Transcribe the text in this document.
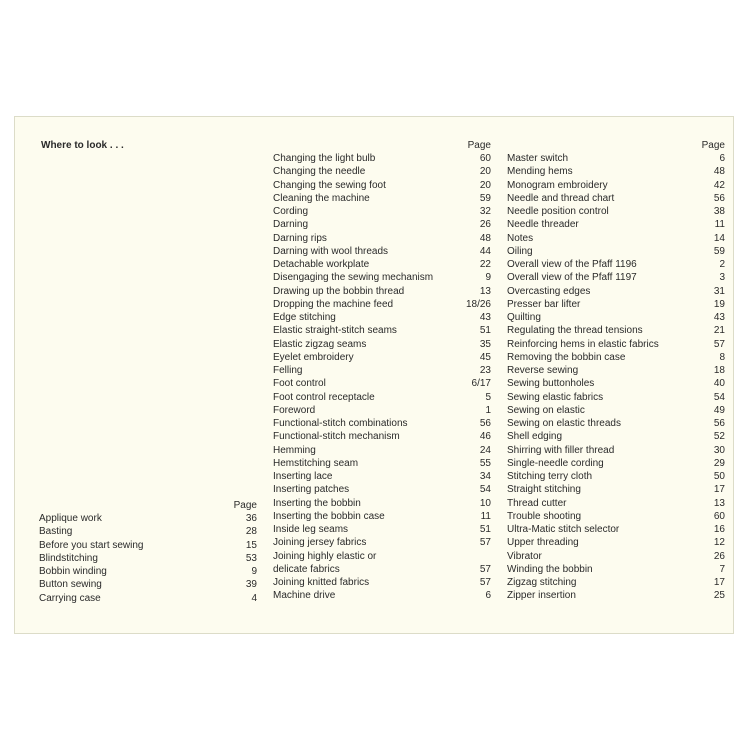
Where to look . . .
Page
Applique work	36
Basting	28
Before you start sewing	15
Blindstitching	53
Bobbin winding	9
Button sewing	39
Carrying case	4
Page
Changing the light bulb	60
Changing the needle	20
Changing the sewing foot	20
Cleaning the machine	59
Cording	32
Darning	26
Darning rips	48
Darning with wool threads	44
Detachable workplate	22
Disengaging the sewing mechanism	9
Drawing up the bobbin thread	13
Dropping the machine feed	18/26
Edge stitching	43
Elastic straight-stitch seams	51
Elastic zigzag seams	35
Eyelet embroidery	45
Felling	23
Foot control	6/17
Foot control receptacle	5
Foreword	1
Functional-stitch combinations	56
Functional-stitch mechanism	46
Hemming	24
Hemstitching seam	55
Inserting lace	34
Inserting patches	54
Inserting the bobbin	10
Inserting the bobbin case	11
Inside leg seams	51
Joining jersey fabrics	57
Joining highly elastic or
delicate fabrics	57
Joining knitted fabrics	57
Machine drive	6
Page
Master switch	6
Mending hems	48
Monogram embroidery	42
Needle and thread chart	56
Needle position control	38
Needle threader	11
Notes	14
Oiling	59
Overall view of the Pfaff 1196	2
Overall view of the Pfaff 1197	3
Overcasting edges	31
Presser bar lifter	19
Quilting	43
Regulating the thread tensions	21
Reinforcing hems in elastic fabrics	57
Removing the bobbin case	8
Reverse sewing	18
Sewing buttonholes	40
Sewing elastic fabrics	54
Sewing on elastic	49
Sewing on elastic threads	56
Shell edging	52
Shirring with filler thread	30
Single-needle cording	29
Stitching terry cloth	50
Straight stitching	17
Thread cutter	13
Trouble shooting	60
Ultra-Matic stitch selector	16
Upper threading	12
Vibrator	26
Winding the bobbin	7
Zigzag stitching	17
Zipper insertion	25
